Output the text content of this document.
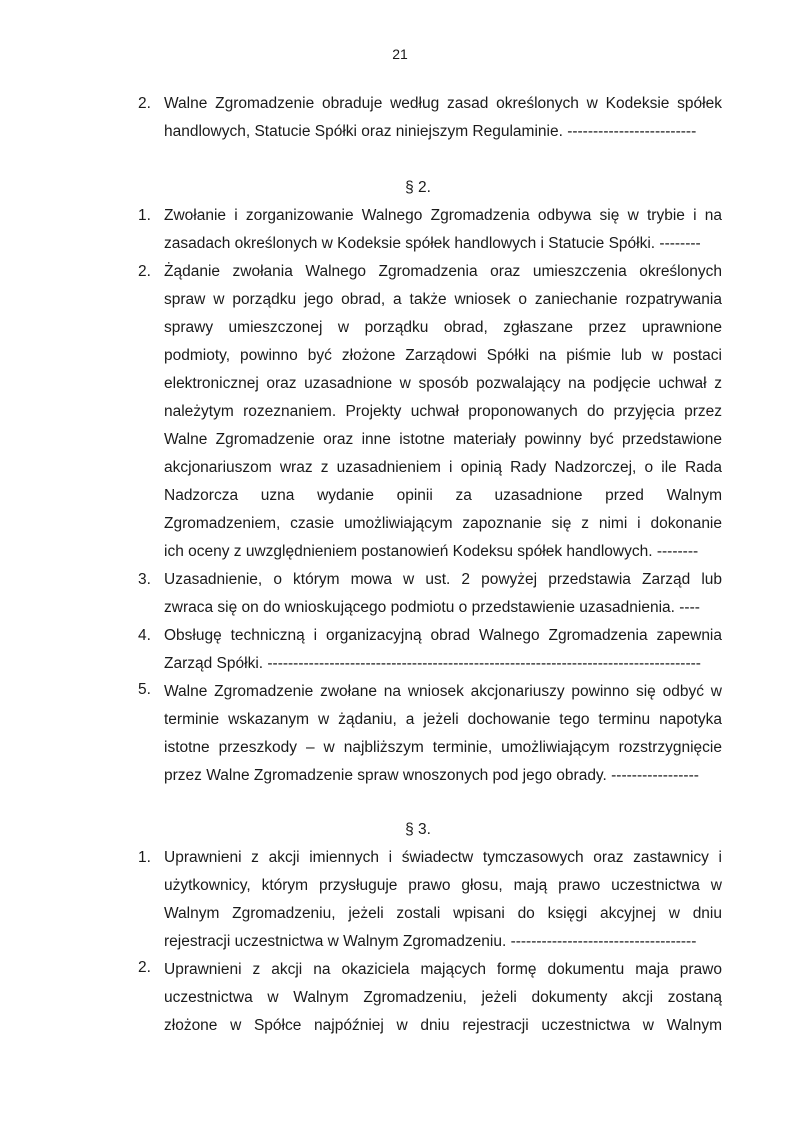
21
2. Walne Zgromadzenie obraduje według zasad określonych w Kodeksie spółek
handlowych, Statucie Spółki oraz niniejszym Regulaminie. -------------------------
§ 2.
1. Zwołanie i zorganizowanie Walnego Zgromadzenia odbywa się w trybie i na
zasadach określonych w Kodeksie spółek handlowych i Statucie Spółki. --------
2. Żądanie zwołania Walnego Zgromadzenia oraz umieszczenia określonych
spraw w porządku jego obrad, a także wniosek o zaniechanie rozpatrywania
sprawy umieszczonej w porządku obrad, zgłaszane przez uprawnione
podmioty, powinno być złożone Zarządowi Spółki na piśmie lub w postaci
elektronicznej oraz uzasadnione w sposób pozwalający na podjęcie uchwał z
należytym rozeznaniem. Projekty uchwał proponowanych do przyjęcia przez
Walne Zgromadzenie oraz inne istotne materiały powinny być przedstawione
akcjonariuszom wraz z uzasadnieniem i opinią Rady Nadzorczej, o ile Rada
Nadzorcza uzna wydanie opinii za uzasadnione przed Walnym
Zgromadzeniem, czasie umożliwiającym zapoznanie się z nimi i dokonanie
ich oceny z uwzględnieniem postanowień Kodeksu spółek handlowych. --------
3. Uzasadnienie, o którym mowa w ust. 2 powyżej przedstawia Zarząd lub
zwraca się on do wnioskującego podmiotu o przedstawienie uzasadnienia. ----
4. Obsługę techniczną i organizacyjną obrad Walnego Zgromadzenia zapewnia
Zarząd Spółki. ------------------------------------------------------------------------------------
5. Walne Zgromadzenie zwołane na wniosek akcjonariuszy powinno się odbyć w
terminie wskazanym w żądaniu, a jeżeli dochowanie tego terminu napotyka
istotne przeszkody – w najbliższym terminie, umożliwiającym rozstrzygnięcie
przez Walne Zgromadzenie spraw wnoszonych pod jego obrady. -----------------
§ 3.
1. Uprawnieni z akcji imiennych i świadectw tymczasowych oraz zastawnicy i
użytkownicy, którym przysługuje prawo głosu, mają prawo uczestnictwa w
Walnym Zgromadzeniu, jeżeli zostali wpisani do księgi akcyjnej w dniu
rejestracji uczestnictwa w Walnym Zgromadzeniu. ------------------------------------
2. Uprawnieni z akcji na okaziciela mających formę dokumentu maja prawo
uczestnictwa w Walnym Zgromadzeniu, jeżeli dokumenty akcji zostaną
złożone w Spółce najpóźniej w dniu rejestracji uczestnictwa w Walnym
